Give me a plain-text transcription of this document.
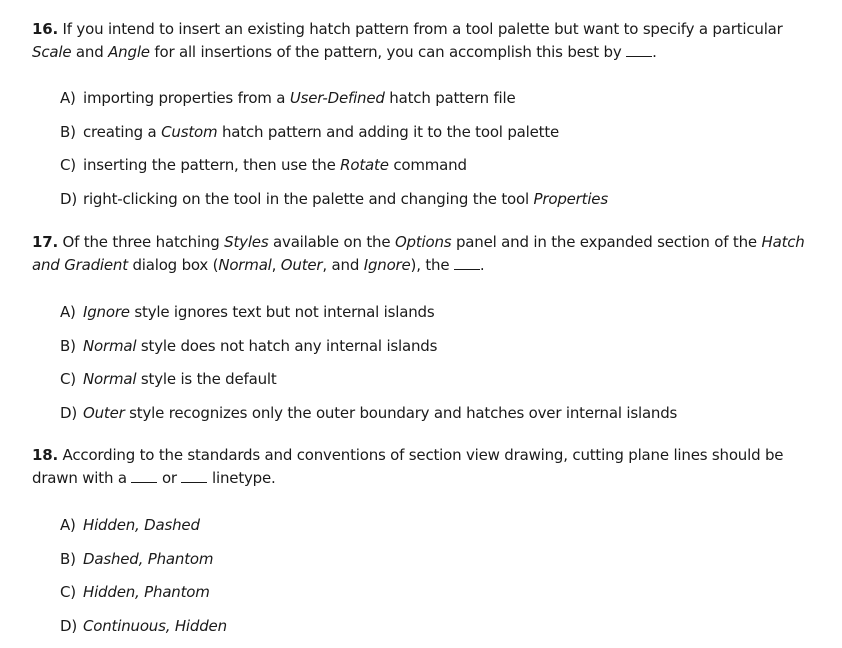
16. If you intend to insert an existing hatch pattern from a tool palette but want to specify a particular
Scale and Angle for all insertions of the pattern, you can accomplish this best by .

A) importing properties from a User-Defined hatch pattern file
B) creating a Custom hatch pattern and adding it to the tool palette
C) inserting the pattern, then use the Rotate command
D) right-clicking on the tool in the palette and changing the tool Properties

17. Of the three hatching Styles available on the Options panel and in the expanded section of the Hatch
and Gradient dialog box (Normal, Outer, and Ignore), the .

A) Ignore style ignores text but not internal islands
B) Normal style does not hatch any internal islands
C) Normal style is the default
D) Outer style recognizes only the outer boundary and hatches over internal islands

18. According to the standards and conventions of section view drawing, cutting plane lines should be
drawn with a  or  linetype.

A) Hidden, Dashed
B) Dashed, Phantom
C) Hidden, Phantom
D) Continuous, Hidden
